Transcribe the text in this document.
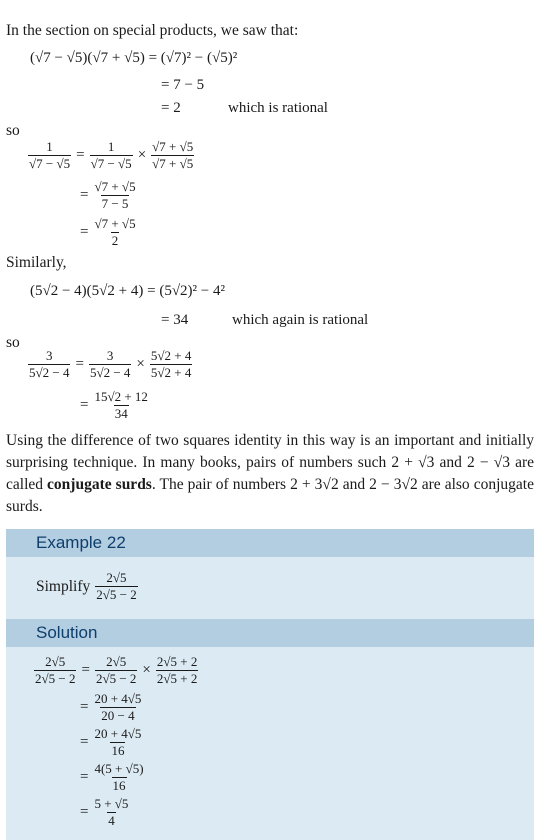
In the section on special products, we saw that:
(√7 − √5)(√7 + √5) = (√7)² − (√5)²
= 7 − 5
= 2	which is rational
so
$\frac{1}{√7 - √5} = \frac{1}{√7 - √5} \times \frac{√7 + √5}{√7 + √5}$
= $\frac{√7 + √5}{7 - 5}$
= $\frac{√7 + √5}{2}$
Similarly,
(5√2 − 4)(5√2 + 4) = (5√2)² − 4²
= 34	which again is rational
so
$\frac{3}{5√2 - 4} = \frac{3}{5√2 - 4} \times \frac{5√2 + 4}{5√2 + 4}$
= $\frac{15√2 + 12}{34}$
Using the difference of two squares identity in this way is an important and initially surprising technique. In many books, pairs of numbers such 2 + √3 and 2 − √3 are called conjugate surds. The pair of numbers 2 + 3√2 and 2 − 3√2 are also conjugate surds.
Example 22
Simplify $\frac{2√5}{2√5 - 2}$
Solution
$\frac{2√5}{2√5 - 2} = \frac{2√5}{2√5 - 2} \times \frac{2√5 + 2}{2√5 + 2}$
= $\frac{20 + 4√5}{20 - 4}$
= $\frac{20 + 4√5}{16}$
= $\frac{4(5 + √5)}{16}$
= $\frac{5 + √5}{4}$
